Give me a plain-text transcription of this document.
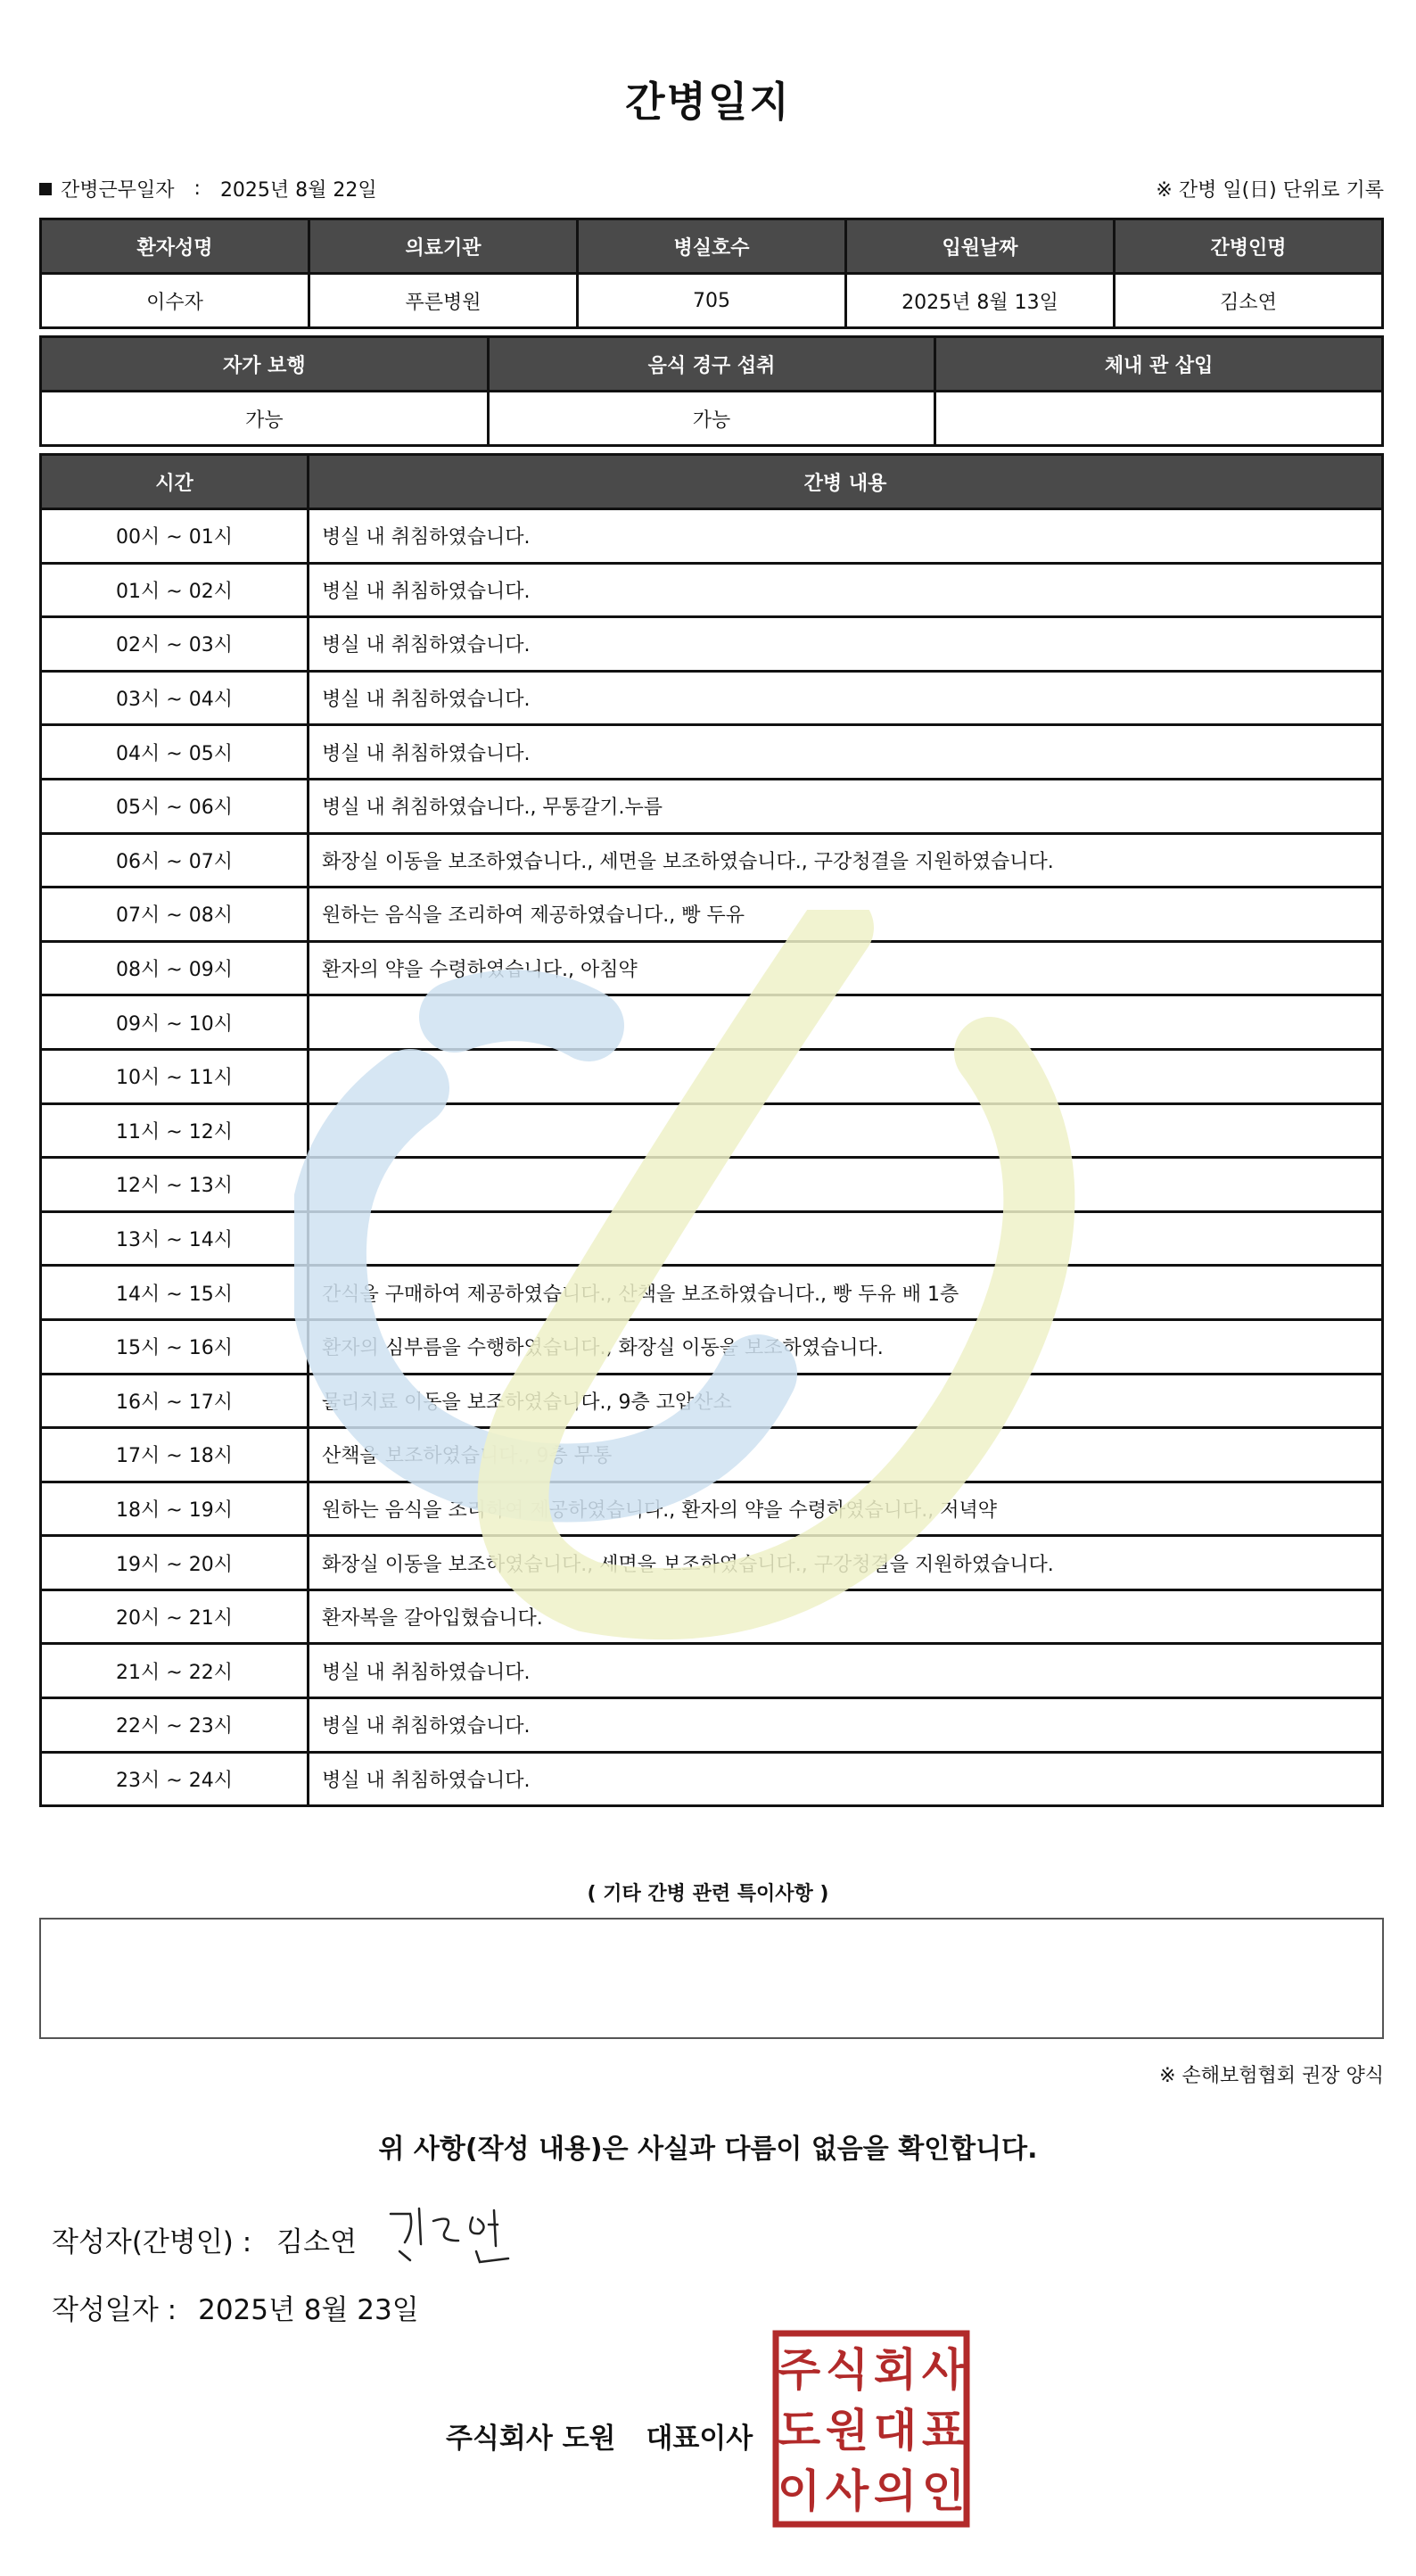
간병일지
간병근무일자 : 2025년 8월 22일	※ 간병 일(日) 단위로 기록
환자성명	의료기관	병실호수	입원날짜	간병인명
이수자	푸른병원	705	2025년 8월 13일	김소연
자가 보행	음식 경구 섭취	체내 관 삽입
가능	가능	
시간	간병 내용
00시 ~ 01시	병실 내 취침하였습니다.
01시 ~ 02시	병실 내 취침하였습니다.
02시 ~ 03시	병실 내 취침하였습니다.
03시 ~ 04시	병실 내 취침하였습니다.
04시 ~ 05시	병실 내 취침하였습니다.
05시 ~ 06시	병실 내 취침하였습니다., 무통갈기.누름
06시 ~ 07시	화장실 이동을 보조하였습니다., 세면을 보조하였습니다., 구강청결을 지원하였습니다.
07시 ~ 08시	원하는 음식을 조리하여 제공하였습니다., 빵 두유
08시 ~ 09시	환자의 약을 수령하였습니다., 아침약
09시 ~ 10시	
10시 ~ 11시	
11시 ~ 12시	
12시 ~ 13시	
13시 ~ 14시	
14시 ~ 15시	간식을 구매하여 제공하였습니다., 산책을 보조하였습니다., 빵 두유 배 1층
15시 ~ 16시	환자의 심부름을 수행하였습니다., 화장실 이동을 보조하였습니다.
16시 ~ 17시	물리치료 이동을 보조하였습니다., 9층 고압산소
17시 ~ 18시	산책을 보조하였습니다., 9층 무통
18시 ~ 19시	원하는 음식을 조리하여 제공하였습니다., 환자의 약을 수령하였습니다., 저녁약
19시 ~ 20시	화장실 이동을 보조하였습니다., 세면을 보조하였습니다., 구강청결을 지원하였습니다.
20시 ~ 21시	환자복을 갈아입혔습니다.
21시 ~ 22시	병실 내 취침하였습니다.
22시 ~ 23시	병실 내 취침하였습니다.
23시 ~ 24시	병실 내 취침하였습니다.
( 기타 간병 관련 특이사항 )
※ 손해보험협회 권장 양식
위 사항(작성 내용)은 사실과 다름이 없음을 확인합니다.
작성자(간병인) : 김소연
작성일자 : 2025년 8월 23일
주식회사 도원 대표이사
주 식 회 사
도 원 대 표
이 사 의 인
